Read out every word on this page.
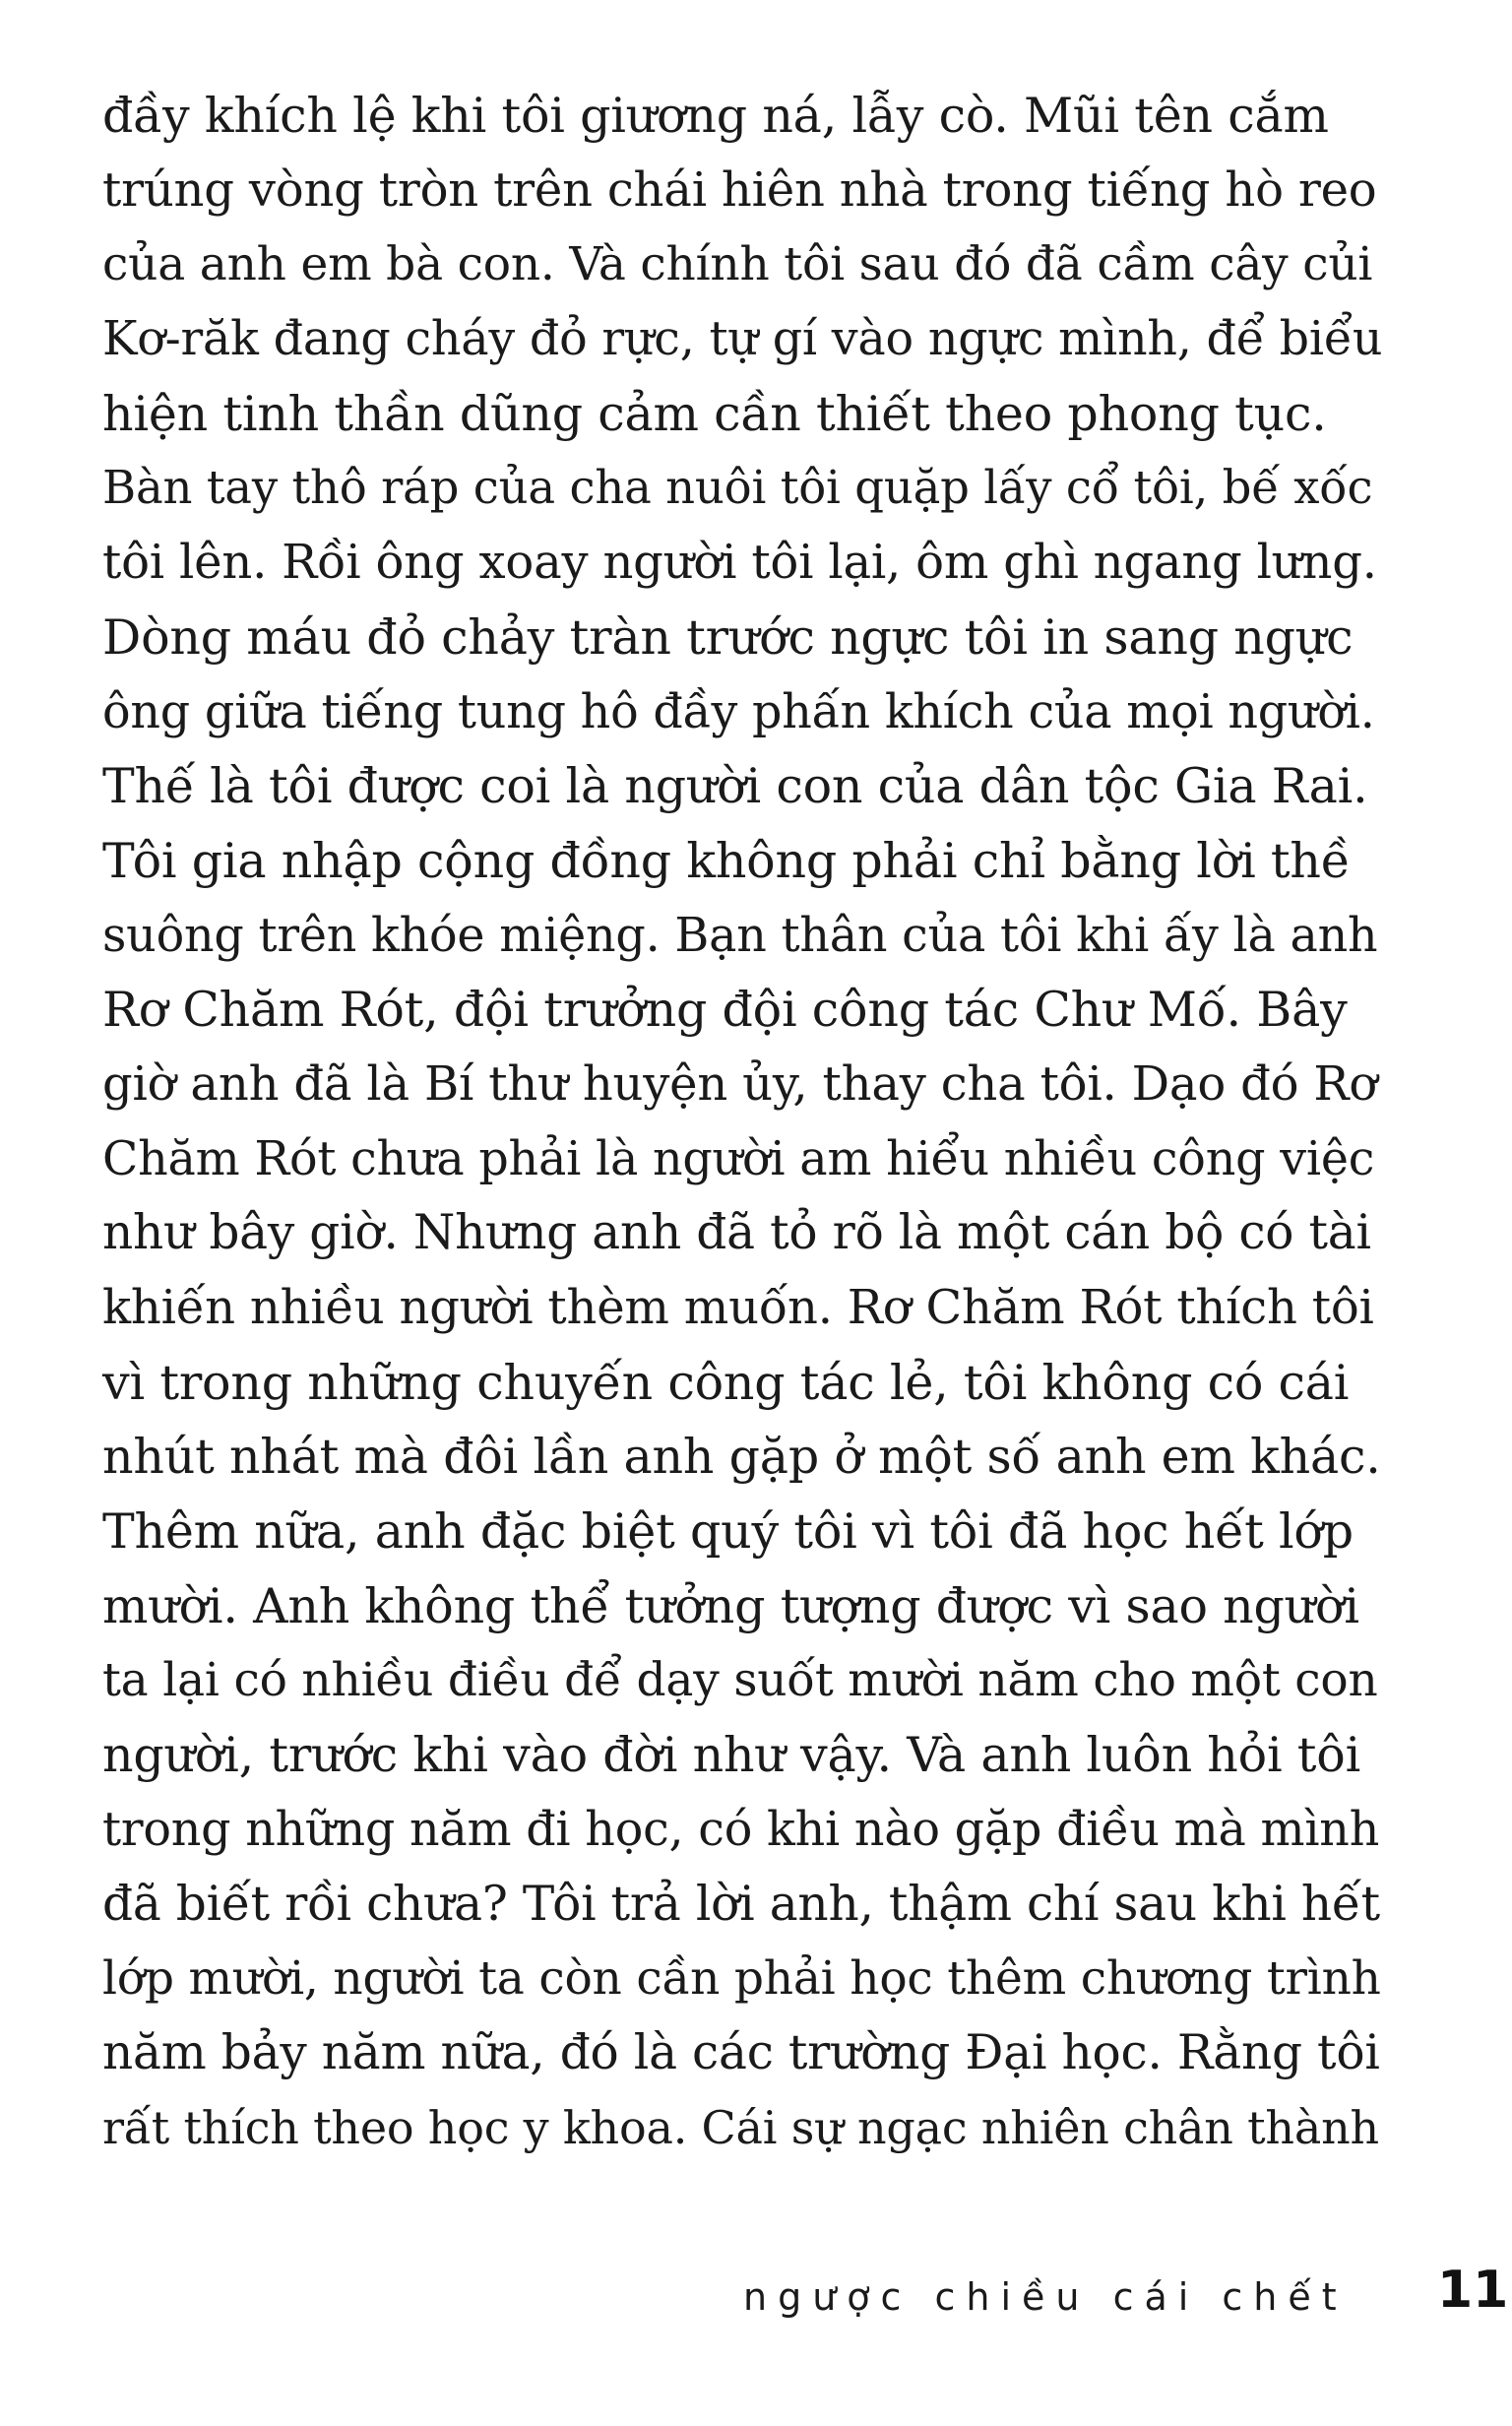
đầy khích lệ khi tôi giương ná, lẫy cò. Mũi tên cắm
trúng vòng tròn trên chái hiên nhà trong tiếng hò reo
của anh em bà con. Và chính tôi sau đó đã cầm cây củi
Kơ-răk đang cháy đỏ rực, tự gí vào ngực mình, để biểu
hiện tinh thần dũng cảm cần thiết theo phong tục.
Bàn tay thô ráp của cha nuôi tôi quặp lấy cổ tôi, bế xốc
tôi lên. Rồi ông xoay người tôi lại, ôm ghì ngang lưng.
Dòng máu đỏ chảy tràn trước ngực tôi in sang ngực
ông giữa tiếng tung hô đầy phấn khích của mọi người.
Thế là tôi được coi là người con của dân tộc Gia Rai.
Tôi gia nhập cộng đồng không phải chỉ bằng lời thề
suông trên khóe miệng. Bạn thân của tôi khi ấy là anh
Rơ Chăm Rót, đội trưởng đội công tác Chư Mố. Bây
giờ anh đã là Bí thư huyện ủy, thay cha tôi. Dạo đó Rơ
Chăm Rót chưa phải là người am hiểu nhiều công việc
như bây giờ. Nhưng anh đã tỏ rõ là một cán bộ có tài
khiến nhiều người thèm muốn. Rơ Chăm Rót thích tôi
vì trong những chuyến công tác lẻ, tôi không có cái
nhút nhát mà đôi lần anh gặp ở một số anh em khác.
Thêm nữa, anh đặc biệt quý tôi vì tôi đã học hết lớp
mười. Anh không thể tưởng tượng được vì sao người
ta lại có nhiều điều để dạy suốt mười năm cho một con
người, trước khi vào đời như vậy. Và anh luôn hỏi tôi
trong những năm đi học, có khi nào gặp điều mà mình
đã biết rồi chưa? Tôi trả lời anh, thậm chí sau khi hết
lớp mười, người ta còn cần phải học thêm chương trình
năm bảy năm nữa, đó là các trường Đại học. Rằng tôi
rất thích theo học y khoa. Cái sự ngạc nhiên chân thành
ngược chiều cái chết 11
